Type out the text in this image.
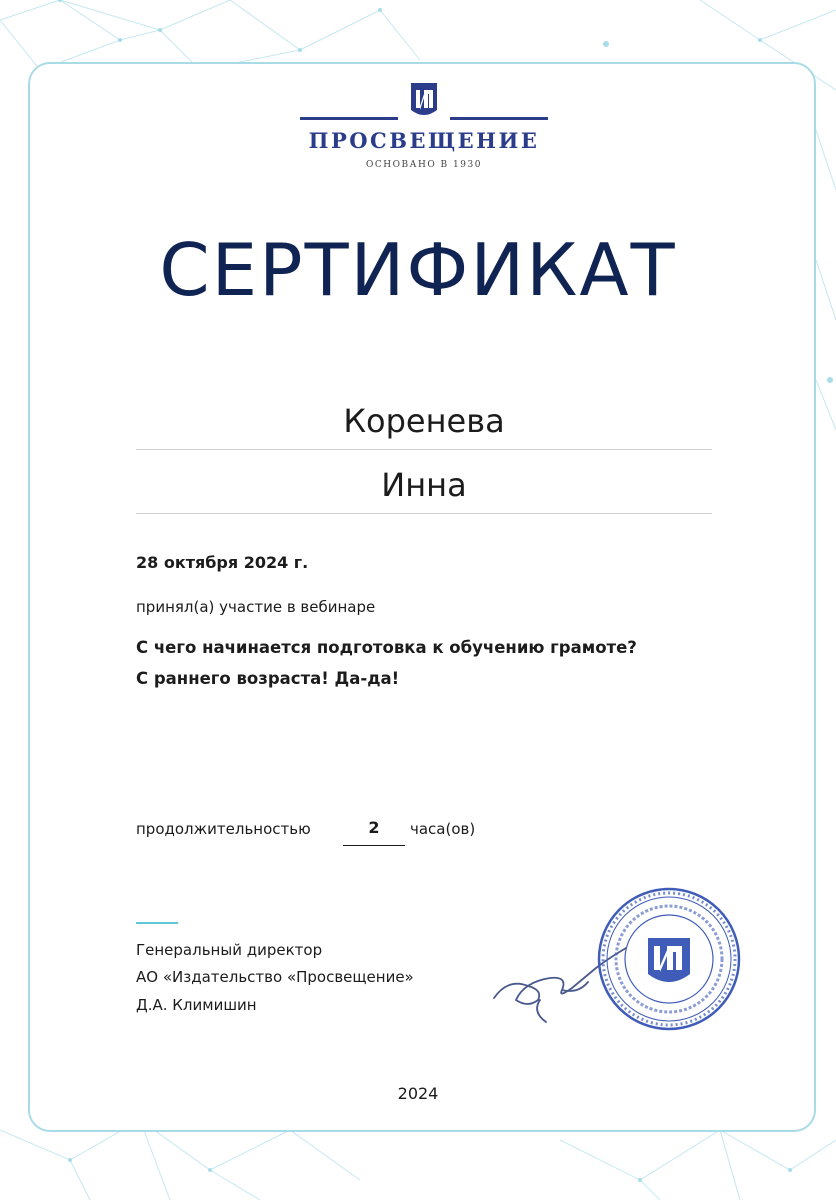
ПРОСВЕЩЕНИЕ
ОСНОВАНО В 1930
СЕРТИФИКАТ
Коренева
Инна
28 октября 2024 г.
принял(а) участие в вебинаре
С чего начинается подготовка к обучению грамоте?
С раннего возраста! Да-да!
продолжительностью	2	часа(ов)
Генеральный директор
АО «Издательство «Просвещение»
Д.А. Климишин
2024
